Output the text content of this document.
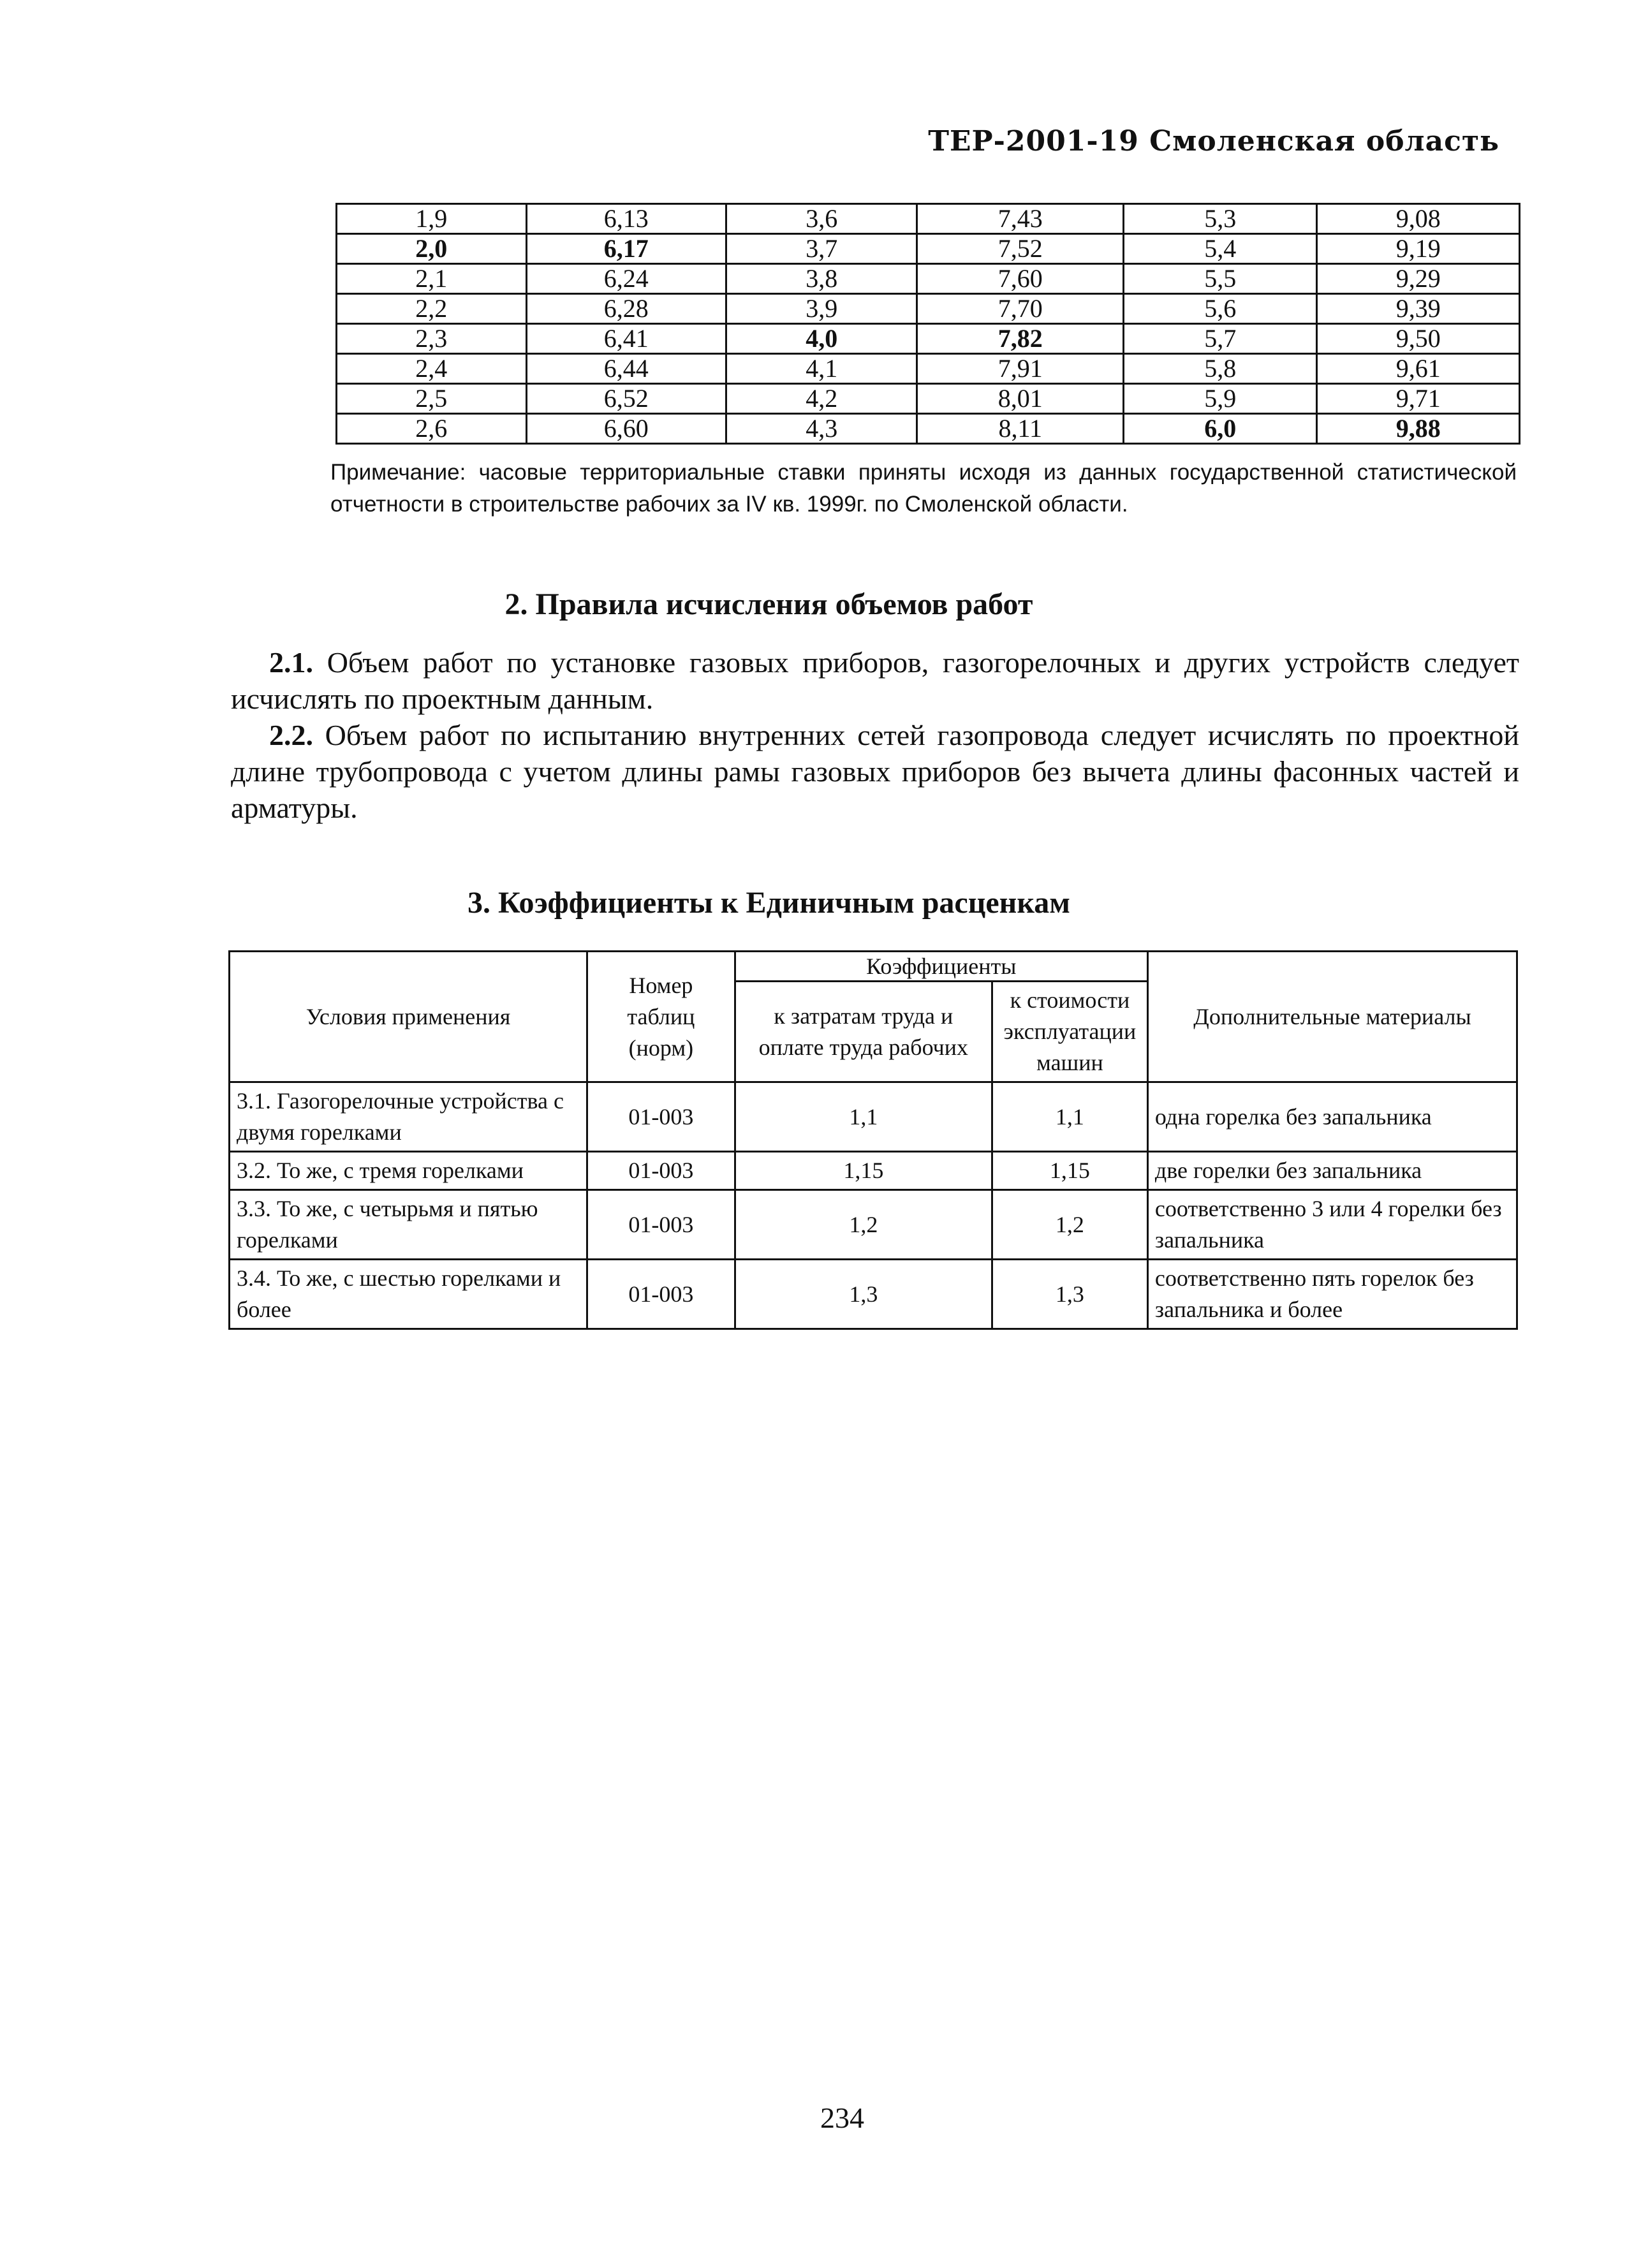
ТЕР-2001-19 Смоленская область
1,9	6,13	3,6	7,43	5,3	9,08
2,0	6,17	3,7	7,52	5,4	9,19
2,1	6,24	3,8	7,60	5,5	9,29
2,2	6,28	3,9	7,70	5,6	9,39
2,3	6,41	4,0	7,82	5,7	9,50
2,4	6,44	4,1	7,91	5,8	9,61
2,5	6,52	4,2	8,01	5,9	9,71
2,6	6,60	4,3	8,11	6,0	9,88
Примечание: часовые территориальные ставки приняты исходя из данных государственной статистической отчетности в строительстве рабочих за IV кв. 1999г. по Смоленской области.
2. Правила исчисления объемов работ
2.1. Объем работ по установке газовых приборов, газогорелочных и других устройств следует исчислять по проектным данным.
2.2. Объем работ по испытанию внутренних сетей газопровода следует исчислять по проектной длине трубопровода с учетом длины рамы газовых приборов без вычета длины фасонных частей и арматуры.
3. Коэффициенты к Единичным расценкам
Условия применения	Номер таблиц (норм)	Коэффициенты		Дополнительные материалы
		к затратам труда и оплате труда рабочих	к стоимости эксплуатации машин	
3.1. Газогорелочные устройства с двумя горелками	01-003	1,1	1,1	одна горелка без запальника
3.2. То же, с тремя горелками	01-003	1,15	1,15	две горелки без запальника
3.3. То же, с четырьмя и пятью горелками	01-003	1,2	1,2	соответственно 3 или 4 горелки без запальника
3.4. То же, с шестью горелками и более	01-003	1,3	1,3	соответственно пять горелок без запальника и более
234
